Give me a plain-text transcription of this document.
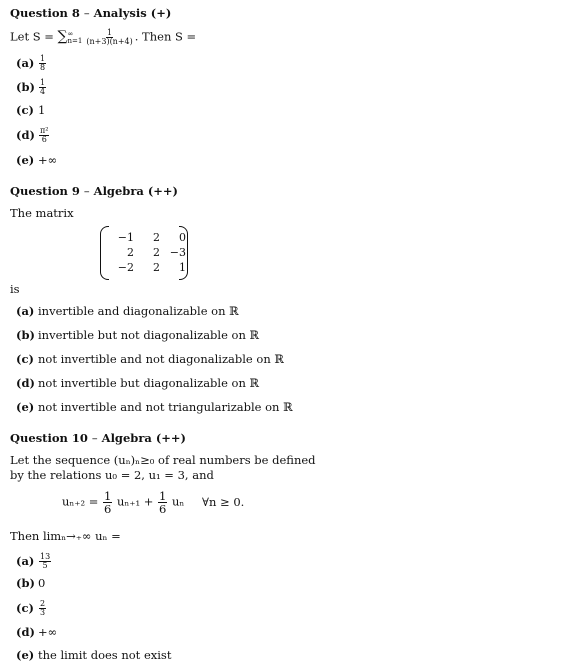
Question 8 – Analysis (+)
Let S = ∑ ∞
$n=1 \frac{1}{(n+3)(n+4)}$ . Then S =
$(a) \frac{1}{8}$
$(b) \frac{1}{4}$
(c) 1
$(d) \frac{\text{π²}}{6}$
(e) +∞
Question 9 – Algebra (++)
The matrix
−1	2	0
2	2	−3
−2	2	1
is
(a) invertible and diagonalizable on ℝ
(b) invertible but not diagonalizable on ℝ
(c) not invertible and not diagonalizable on ℝ
(d) not invertible but diagonalizable on ℝ
(e) not invertible and not triangularizable on ℝ
Question 10 – Algebra (++)
Let the sequence (uₙ)ₙ≥₀ of real numbers be defined
by the relations u₀ = 2, u₁ = 3, and
$u_{n+2} = \frac{1}{6} u_{n+1} + \frac{1}{6}$ uₙ ∀n ≥ 0.
Then limₙ→₊∞ uₙ =
$(a) \frac{13}{5}$
(b) 0
$(c) \frac{2}{3}$
(d) +∞
(e) the limit does not exist
